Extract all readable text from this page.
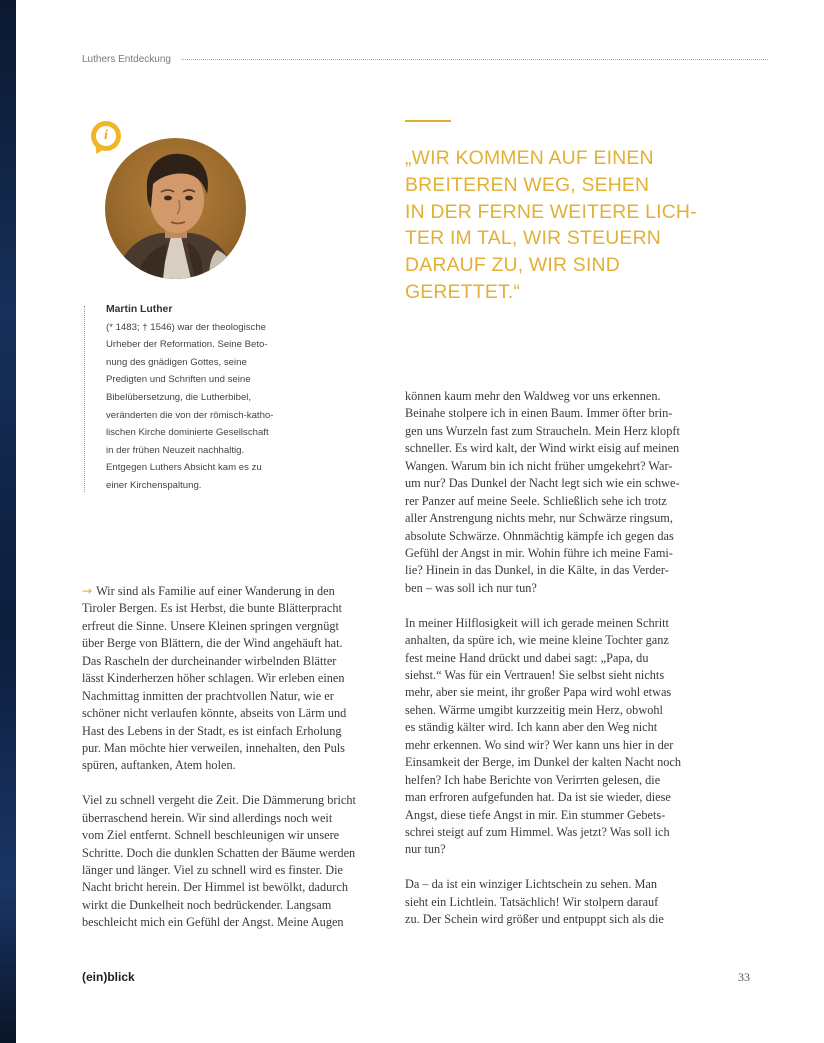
Luthers Entdeckung
„WIR KOMMEN AUF EINEN
BREITEREN WEG, SEHEN
IN DER FERNE WEITERE LICH-
TER IM TAL, WIR STEUERN
DARAUF ZU, WIR SIND
GERETTET.“
i
Martin Luther
(* 1483; † 1546) war der theologische
Urheber der Reformation. Seine Beto-
nung des gnädigen Gottes, seine
Predigten und Schriften und seine
Bibelübersetzung, die Lutherbibel,
veränderten die von der römisch-katho-
lischen Kirche dominierte Gesellschaft
in der frühen Neuzeit nachhaltig.
Entgegen Luthers Absicht kam es zu
einer Kirchenspaltung.
→ Wir sind als Familie auf einer Wanderung in den
Tiroler Bergen. Es ist Herbst, die bunte Blätterpracht
erfreut die Sinne. Unsere Kleinen springen vergnügt
über Berge von Blättern, die der Wind angehäuft hat.
Das Rascheln der durcheinander wirbelnden Blätter
lässt Kinderherzen höher schlagen. Wir erleben einen
Nachmittag inmitten der prachtvollen Natur, wie er
schöner nicht verlaufen könnte, abseits von Lärm und
Hast des Lebens in der Stadt, es ist einfach Erholung
pur. Man möchte hier verweilen, innehalten, den Puls
spüren, auftanken, Atem holen.
Viel zu schnell vergeht die Zeit. Die Dämmerung bricht
überraschend herein. Wir sind allerdings noch weit
vom Ziel entfernt. Schnell beschleunigen wir unsere
Schritte. Doch die dunklen Schatten der Bäume werden
länger und länger. Viel zu schnell wird es finster. Die
Nacht bricht herein. Der Himmel ist bewölkt, dadurch
wirkt die Dunkelheit noch bedrückender. Langsam
beschleicht mich ein Gefühl der Angst. Meine Augen
können kaum mehr den Waldweg vor uns erkennen.
Beinahe stolpere ich in einen Baum. Immer öfter brin-
gen uns Wurzeln fast zum Straucheln. Mein Herz klopft
schneller. Es wird kalt, der Wind wirkt eisig auf meinen
Wangen. Warum bin ich nicht früher umgekehrt? War-
um nur? Das Dunkel der Nacht legt sich wie ein schwe-
rer Panzer auf meine Seele. Schließlich sehe ich trotz
aller Anstrengung nichts mehr, nur Schwärze ringsum,
absolute Schwärze. Ohnmächtig kämpfe ich gegen das
Gefühl der Angst in mir. Wohin führe ich meine Fami-
lie? Hinein in das Dunkel, in die Kälte, in das Verder-
ben – was soll ich nur tun?
In meiner Hilflosigkeit will ich gerade meinen Schritt
anhalten, da spüre ich, wie meine kleine Tochter ganz
fest meine Hand drückt und dabei sagt: „Papa, du
siehst.“ Was für ein Vertrauen! Sie selbst sieht nichts
mehr, aber sie meint, ihr großer Papa wird wohl etwas
sehen. Wärme umgibt kurzzeitig mein Herz, obwohl
es ständig kälter wird. Ich kann aber den Weg nicht
mehr erkennen. Wo sind wir? Wer kann uns hier in der
Einsamkeit der Berge, im Dunkel der kalten Nacht noch
helfen? Ich habe Berichte von Verirrten gelesen, die
man erfroren aufgefunden hat. Da ist sie wieder, diese
Angst, diese tiefe Angst in mir. Ein stummer Gebets-
schrei steigt auf zum Himmel. Was jetzt? Was soll ich
nur tun?
Da – da ist ein winziger Lichtschein zu sehen. Man
sieht ein Lichtlein. Tatsächlich! Wir stolpern darauf
zu. Der Schein wird größer und entpuppt sich als die
(ein)blick	33
